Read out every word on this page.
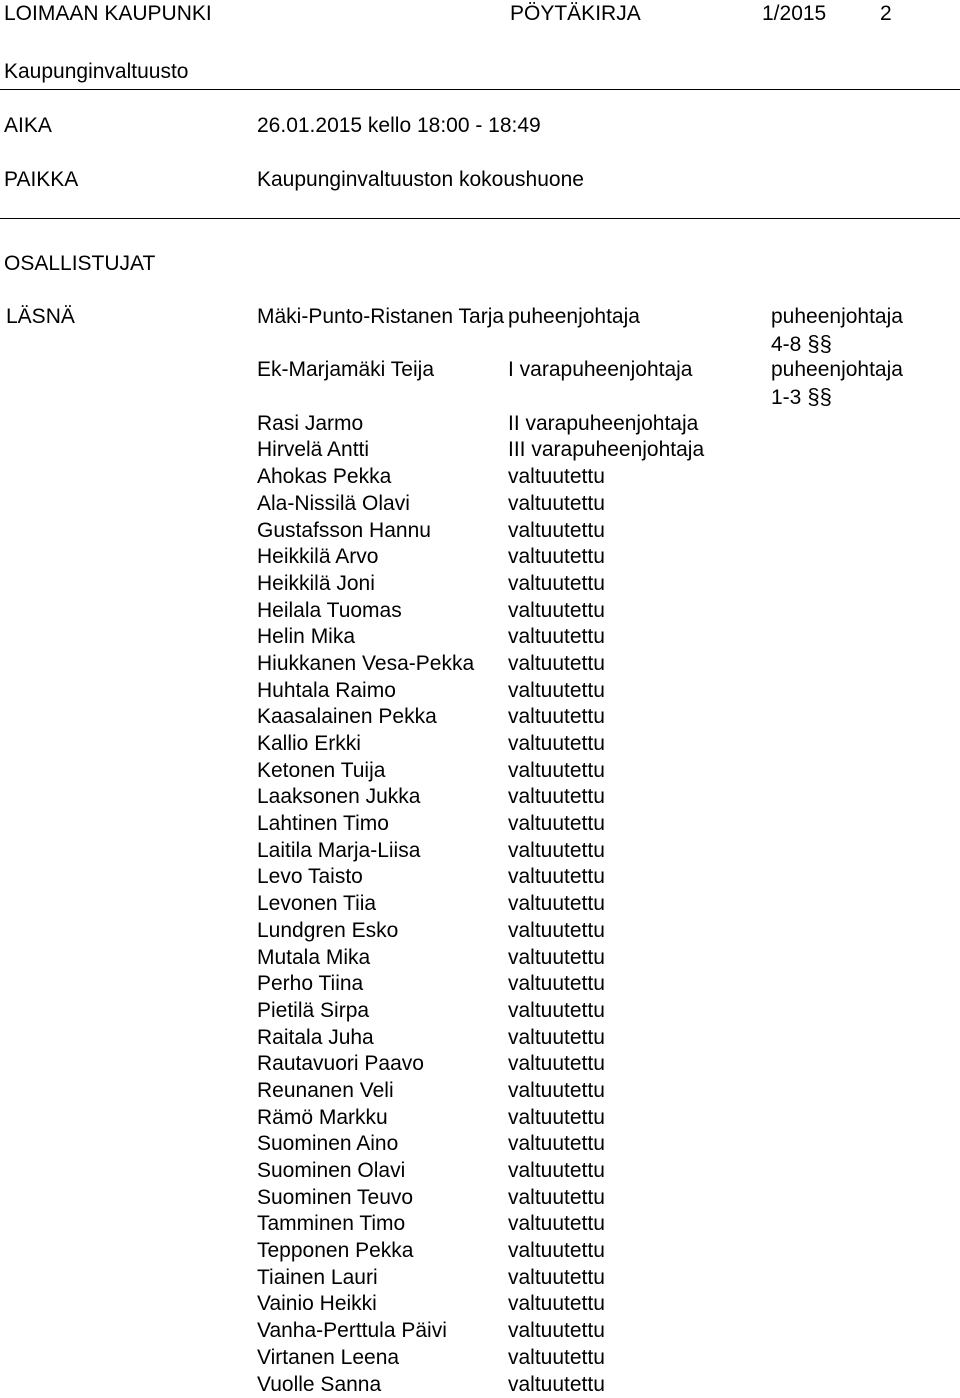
LOIMAAN KAUPUNKI	PÖYTÄKIRJA	1/2015	2
Kaupunginvaltuusto
AIKA	26.01.2015 kello 18:00 - 18:49
PAIKKA	Kaupunginvaltuuston kokoushuone
OSALLISTUJAT
LÄSNÄ	Mäki-Punto-Ristanen Tarja puheenjohtaja	puheenjohtaja
4-8 §§
Ek-Marjamäki Teija	I varapuheenjohtaja	puheenjohtaja
1-3 §§
Rasi Jarmo	II varapuheenjohtaja
Hirvelä Antti	III varapuheenjohtaja
Ahokas Pekka	valtuutettu
Ala-Nissilä Olavi	valtuutettu
Gustafsson Hannu	valtuutettu
Heikkilä Arvo	valtuutettu
Heikkilä Joni	valtuutettu
Heilala Tuomas	valtuutettu
Helin Mika	valtuutettu
Hiukkanen Vesa-Pekka	valtuutettu
Huhtala Raimo	valtuutettu
Kaasalainen Pekka	valtuutettu
Kallio Erkki	valtuutettu
Ketonen Tuija	valtuutettu
Laaksonen Jukka	valtuutettu
Lahtinen Timo	valtuutettu
Laitila Marja-Liisa	valtuutettu
Levo Taisto	valtuutettu
Levonen Tiia	valtuutettu
Lundgren Esko	valtuutettu
Mutala Mika	valtuutettu
Perho Tiina	valtuutettu
Pietilä Sirpa	valtuutettu
Raitala Juha	valtuutettu
Rautavuori Paavo	valtuutettu
Reunanen Veli	valtuutettu
Rämö Markku	valtuutettu
Suominen Aino	valtuutettu
Suominen Olavi	valtuutettu
Suominen Teuvo	valtuutettu
Tamminen Timo	valtuutettu
Tepponen Pekka	valtuutettu
Tiainen Lauri	valtuutettu
Vainio Heikki	valtuutettu
Vanha-Perttula Päivi	valtuutettu
Virtanen Leena	valtuutettu
Vuolle Sanna	valtuutettu
